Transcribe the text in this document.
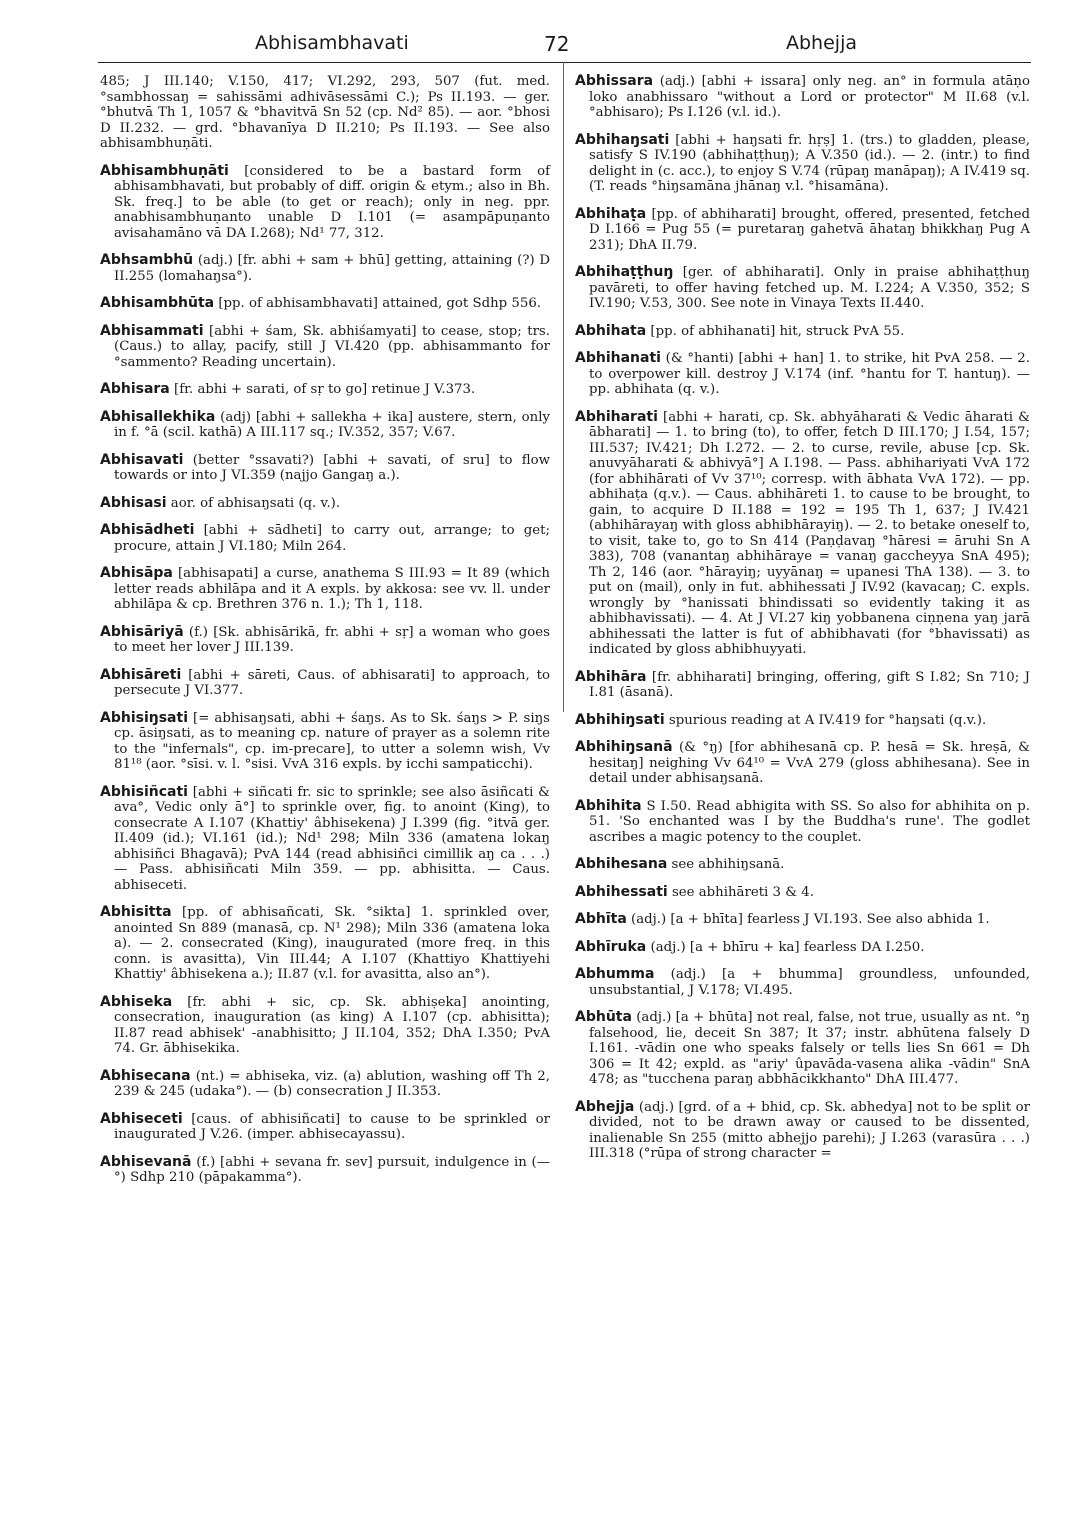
Abhisambhavati	72	Abhejja

485; J III.140; V.150, 417; VI.292, 293, 507 (fut. med. °sambhossaŋ = sahissāmi adhivāsessāmi C.); Ps II.193. — ger. °bhutvā Th 1, 1057 & °bhavitvā Sn 52 (cp. Nd² 85). — aor. °bhosi D II.232. — grd. °bhavanīya D II.210; Ps II.193. — See also abhisambhuṇāti.

Abhisambhuṇāti [considered to be a bastard form of abhisambhavati, but probably of diff. origin & etym.; also in Bh. Sk. freq.] to be able (to get or reach); only in neg. ppr. anabhisambhuṇanto unable D I.101 (= asampāpuṇanto avisahamāno vā DA I.268); Nd¹ 77, 312.

Abhsambhū (adj.) [fr. abhi + sam + bhū] getting, attaining (?) D II.255 (lomahaŋsa°).

Abhisambhūta [pp. of abhisambhavati] attained, got Sdhp 556.

Abhisammati [abhi + śam, Sk. abhiśamyati] to cease, stop; trs. (Caus.) to allay, pacify, still J VI.420 (pp. abhisammanto for °sammento? Reading uncertain).

Abhisara [fr. abhi + sarati, of sṛ to go] retinue J V.373.

Abhisallekhika (adj) [abhi + sallekha + ika] austere, stern, only in f. °ā (scil. kathā) A III.117 sq.; IV.352, 357; V.67.

Abhisavati (better °ssavati?) [abhi + savati, of sru] to flow towards or into J VI.359 (najjo Gangaŋ a.).

Abhisasi aor. of abhisaŋsati (q. v.).

Abhisādheti [abhi + sādheti] to carry out, arrange; to get; procure, attain J VI.180; Miln 264.

Abhisāpa [abhisapati] a curse, anathema S III.93 = It 89 (which letter reads abhilāpa and it A expls. by akkosa: see vv. ll. under abhilāpa & cp. Brethren 376 n. 1.); Th 1, 118.

Abhisāriyā (f.) [Sk. abhisārikā, fr. abhi + sṛ] a woman who goes to meet her lover J III.139.

Abhisāreti [abhi + sāreti, Caus. of abhisarati] to approach, to persecute J VI.377.

Abhisiŋsati [= abhisaŋsati, abhi + śaŋs. As to Sk. śaŋs > P. siŋs cp. āsiŋsati, as to meaning cp. nature of prayer as a solemn rite to the "infernals", cp. im-precare], to utter a solemn wish, Vv 81¹⁸ (aor. °sīsi. v. l. °sisi. VvA 316 expls. by icchi sampaticchi).

Abhisiñcati [abhi + siñcati fr. sic to sprinkle; see also āsiñcati & ava°, Vedic only ā°] to sprinkle over, fig. to anoint (King), to consecrate A I.107 (Khattiy' âbhisekena) J I.399 (fig. °itvā ger. II.409 (id.); VI.161 (id.); Nd¹ 298; Miln 336 (amatena lokaŋ abhisiñci Bhagavā); PvA 144 (read abhisiñci cimillik aŋ ca . . .) — Pass. abhisiñcati Miln 359. — pp. abhisitta. — Caus. abhiseceti.

Abhisitta [pp. of abhisañcati, Sk. °sikta] 1. sprinkled over, anointed Sn 889 (manasā, cp. N¹ 298); Miln 336 (amatena loka a). — 2. consecrated (King), inaugurated (more freq. in this conn. is avasitta), Vin III.44; A I.107 (Khattiyo Khattiyehi Khattiy' âbhisekena a.); II.87 (v.l. for avasitta, also an°).

Abhiseka [fr. abhi + sic, cp. Sk. abhiṣeka] anointing, consecration, inauguration (as king) A I.107 (cp. abhisitta); II.87 read abhisek' -anabhisitto; J II.104, 352; DhA I.350; PvA 74. Gr. ābhisekika.

Abhisecana (nt.) = abhiseka, viz. (a) ablution, washing off Th 2, 239 & 245 (udaka°). — (b) consecration J II.353.

Abhiseceti [caus. of abhisiñcati] to cause to be sprinkled or inaugurated J V.26. (imper. abhisecayassu).

Abhisevanā (f.) [abhi + sevana fr. sev] pursuit, indulgence in (—°) Sdhp 210 (pāpakamma°).

Abhissara (adj.) [abhi + issara] only neg. an° in formula atāṇo loko anabhissaro "without a Lord or protector" M II.68 (v.l. °abhisaro); Ps I.126 (v.l. id.).

Abhihaŋsati [abhi + haŋsati fr. hṛṣ] 1. (trs.) to gladden, please, satisfy S IV.190 (abhihaṭṭhuŋ); A V.350 (id.). — 2. (intr.) to find delight in (c. acc.), to enjoy S V.74 (rūpaŋ manāpaŋ); A IV.419 sq. (T. reads °hiŋsamāna jhānaŋ v.l. °hisamāna).

Abhihaṭa [pp. of abhiharati] brought, offered, presented, fetched D I.166 = Pug 55 (= puretaraŋ gahetvā āhataŋ bhikkhaŋ Pug A 231); DhA II.79.

Abhihaṭṭhuŋ [ger. of abhiharati]. Only in praise abhihaṭṭhuŋ pavāreti, to offer having fetched up. M. I.224; A V.350, 352; S IV.190; V.53, 300. See note in Vinaya Texts II.440.

Abhihata [pp. of abhihanati] hit, struck PvA 55.

Abhihanati (& °hanti) [abhi + han] 1. to strike, hit PvA 258. — 2. to overpower kill. destroy J V.174 (inf. °hantu for T. hantuŋ). — pp. abhihata (q. v.).

Abhiharati [abhi + harati, cp. Sk. abhyāharati & Vedic āharati & ābharati] — 1. to bring (to), to offer, fetch D III.170; J I.54, 157; III.537; IV.421; Dh I.272. — 2. to curse, revile, abuse [cp. Sk. anuvyāharati & abhivyā°] A I.198. — Pass. abhihariyati VvA 172 (for abhihārati of Vv 37¹⁰; corresp. with ābhata VvA 172). — pp. abhihaṭa (q.v.). — Caus. abhihāreti 1. to cause to be brought, to gain, to acquire D II.188 = 192 = 195 Th 1, 637; J IV.421 (abhihārayaŋ with gloss abhibhārayiŋ). — 2. to betake oneself to, to visit, take to, go to Sn 414 (Paṇḍavaŋ °hāresi = āruhi Sn A 383), 708 (vanantaŋ abhihāraye = vanaŋ gaccheyya SnA 495); Th 2, 146 (aor. °hārayiŋ; uyyānaŋ = upanesi ThA 138). — 3. to put on (mail), only in fut. abhihessati J IV.92 (kavacaŋ; C. expls. wrongly by °hanissati bhindissati so evidently taking it as abhibhavissati). — 4. At J VI.27 kiŋ yobbanena ciṇṇena yaŋ jarā abhihessati the latter is fut of abhibhavati (for °bhavissati) as indicated by gloss abhibhuyyati.

Abhihāra [fr. abhiharati] bringing, offering, gift S I.82; Sn 710; J I.81 (āsanā).

Abhihiŋsati spurious reading at A IV.419 for °haŋsati (q.v.).

Abhihiŋsanā (& °ŋ) [for abhihesanā cp. P. hesā = Sk. hreṣā, & hesitaŋ] neighing Vv 64¹⁰ = VvA 279 (gloss abhihesana). See in detail under abhisaŋsanā.

Abhihita S I.50. Read abhigita with SS. So also for abhihita on p. 51. 'So enchanted was I by the Buddha's rune'. The godlet ascribes a magic potency to the couplet.

Abhihesana see abhihiŋsanā.

Abhihessati see abhihāreti 3 & 4.

Abhīta (adj.) [a + bhīta] fearless J VI.193. See also abhida 1.

Abhīruka (adj.) [a + bhīru + ka] fearless DA I.250.

Abhumma (adj.) [a + bhumma] groundless, unfounded, unsubstantial, J V.178; VI.495.

Abhūta (adj.) [a + bhūta] not real, false, not true, usually as nt. °ŋ falsehood, lie, deceit Sn 387; It 37; instr. abhūtena falsely D I.161. -vādin one who speaks falsely or tells lies Sn 661 = Dh 306 = It 42; expld. as "ariy' ûpavāda-vasena alika -vādin" SnA 478; as "tucchena paraŋ abbhācikkhanto" DhA III.477.

Abhejja (adj.) [grd. of a + bhid, cp. Sk. abhedya] not to be split or divided, not to be drawn away or caused to be dissented, inalienable Sn 255 (mitto abhejjo parehi); J I.263 (varasūra . . .) III.318 (°rūpa of strong character =
